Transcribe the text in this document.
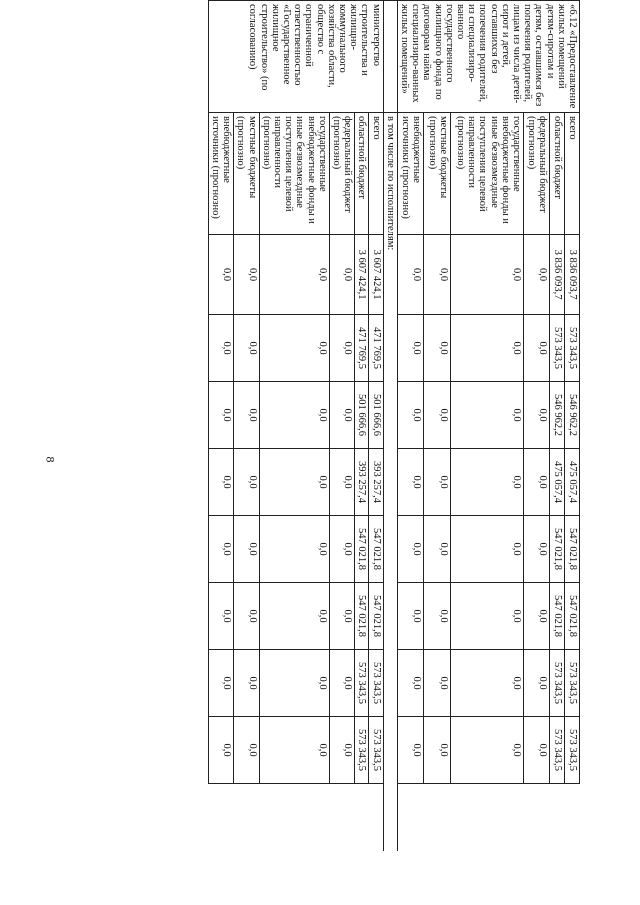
8
«6.12 «Предоставление жилых помещений детям-сиротам и детям, оставшимся без попечения родителей, лицам из числа детей-сирот и детей, оставшихся без попечения родителей, из специализиро-ванного государственного жилищного фонда по договорам найма специализиро-ванных жилых помещений»	всего	3 836 093,7	573 343,5	546 962,2	475 057,4	547 021,8	547 021,8	573 343,5	573 343,5
	областной бюджет	3 836 093,7	573 343,5	546 962,2	475 057,4	547 021,8	547 021,8	573 343,5	573 343,5
	федеральный бюджет (прогнозно)	0,0	0,0	0,0	0,0	0,0	0,0	0,0	0,0
	государственные внебюджетные фонды и иные безвозмездные поступления целевой направленности (прогнозно)	0,0	0,0	0,0	0,0	0,0	0,0	0,0	0,0
	местные бюджеты (прогнозно)	0,0	0,0	0,0	0,0	0,0	0,0	0,0	0,0
	внебюджетные источники (прогнозно)	0,0	0,0	0,0	0,0	0,0	0,0	0,0	0,0
	в том числе по исполнителям:								
министерство строительства и жилищно-коммунального хозяйства области, общество с ограниченной ответственностью «Государственное жилищное строительство» (по согласованию)	всего	3 607 424,1	471 769,5	501 666,6	393 257,4	547 021,8	547 021,8	573 343,5	573 343,5
	областной бюджет	3 607 424,1	471 769,5	501 666,6	393 257,4	547 021,8	547 021,8	573 343,5	573 343,5
	федеральный бюджет (прогнозно)	0,0	0,0	0,0	0,0	0,0	0,0	0,0	0,0
	государственные внебюджетные фонды и иные безвозмездные поступления целевой направленности (прогнозно)	0,0	0,0	0,0	0,0	0,0	0,0	0,0	0,0
	местные бюджеты (прогнозно)	0,0	0,0	0,0	0,0	0,0	0,0	0,0	0,0
	внебюджетные источники (прогнозно)	0,0	0,0	0,0	0,0	0,0	0,0	0,0	0,0
